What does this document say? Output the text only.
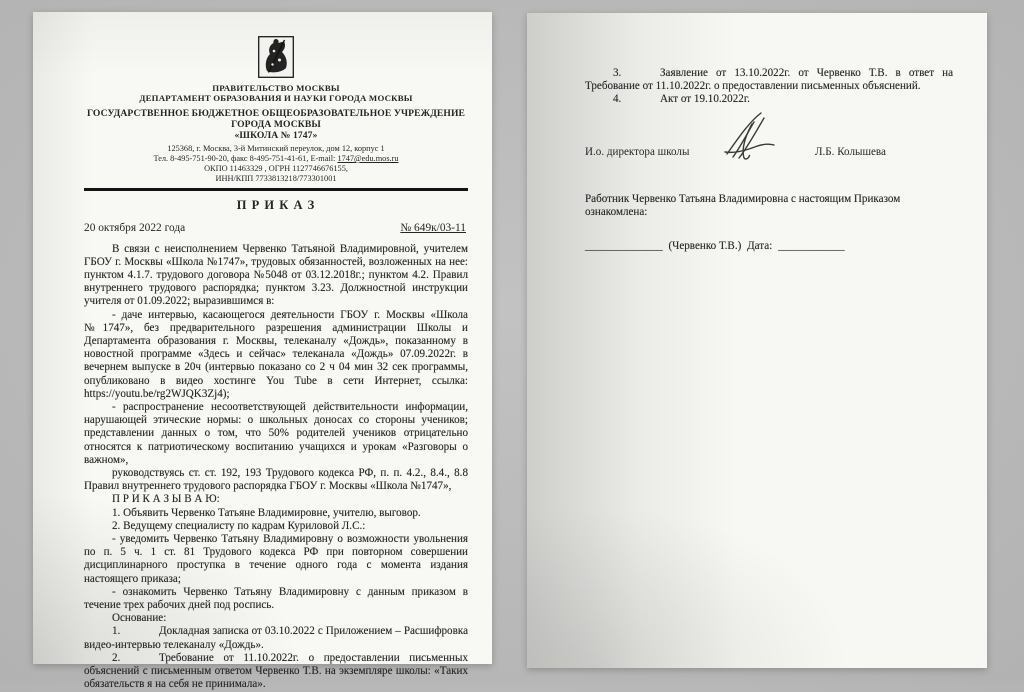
ПРАВИТЕЛЬСТВО МОСКВЫ
ДЕПАРТАМЕНТ ОБРАЗОВАНИЯ И НАУКИ ГОРОДА МОСКВЫ
ГОСУДАРСТВЕННОЕ БЮДЖЕТНОЕ ОБЩЕОБРАЗОВАТЕЛЬНОЕ УЧРЕЖДЕНИЕ
ГОРОДА МОСКВЫ
«ШКОЛА № 1747»
125368, г. Москва, 3-й Митинский переулок, дом 12, корпус 1
Тел. 8-495-751-90-20, факс 8-495-751-41-61, E-mail: 1747@edu.mos.ru
ОКПО 11463329 , ОГРН 1127746676155,
ИНН/КПП 7733813218/773301001
П Р И К А З
20 октября 2022 года	№ 649к/03-11

В связи с неисполнением Червенко Татьяной Владимировной, учителем ГБОУ г. Москвы «Школа №1747», трудовых обязанностей, возложенных на нее: пунктом 4.1.7. трудового договора №5048 от 03.12.2018г.; пунктом 4.2. Правил внутреннего трудового распорядка; пунктом 3.23. Должностной инструкции учителя от 01.09.2022; выразившимся в:

- даче интервью, касающегося деятельности ГБОУ г. Москвы «Школа №1747», без предварительного разрешения администрации Школы и Департамента образования г. Москвы, телеканалу «Дождь», показанному в новостной программе «Здесь и сейчас» телеканала «Дождь» 07.09.2022г. в вечернем выпуске в 20ч (интервью показано со 2 ч 04 мин 32 сек программы, опубликовано в видео хостинге You Tube в сети Интернет, ссылка: https://youtu.be/rg2WJQK3Zj4);

- распространение несоответствующей действительности информации, нарушающей этические нормы: о школьных доносах со стороны учеников; представлении данных о том, что 50% родителей учеников отрицательно относятся к патриотическому воспитанию учащихся и урокам «Разговоры о важном»,

руководствуясь ст. ст. 192, 193 Трудового кодекса РФ, п. п. 4.2., 8.4., 8.8 Правил внутреннего трудового распорядка ГБОУ г. Москвы «Школа №1747»,

П Р И К А З Ы В А Ю:

1. Объявить Червенко Татьяне Владимировне, учителю, выговор.

2. Ведущему специалисту по кадрам Куриловой Л.С.:

- уведомить Червенко Татьяну Владимировну о возможности увольнения по п. 5 ч. 1 ст. 81 Трудового кодекса РФ при повторном совершении дисциплинарного проступка в течение одного года с момента издания настоящего приказа;

- ознакомить Червенко Татьяну Владимировну с данным приказом в течение трех рабочих дней под роспись.

Основание:

1.	Докладная записка от 03.10.2022 с Приложением – Расшифровка видео-интервью телеканалу «Дождь».

2.	Требование от 11.10.2022г. о предоставлении письменных объяснений с письменным ответом Червенко Т.В. на экземпляре школы: «Таких обязательств я на себя не принимала».

3.	Заявление от 13.10.2022г. от Червенко Т.В. в ответ на Требование от 11.10.2022г. о предоставлении письменных объяснений.

4.	Акт от 19.10.2022г.

И.о. директора школы	Л.Б. Колышева

Работник Червенко Татьяна Владимировна с настоящим Приказом ознакомлена:

______________ (Червенко Т.В.) Дата: ____________
